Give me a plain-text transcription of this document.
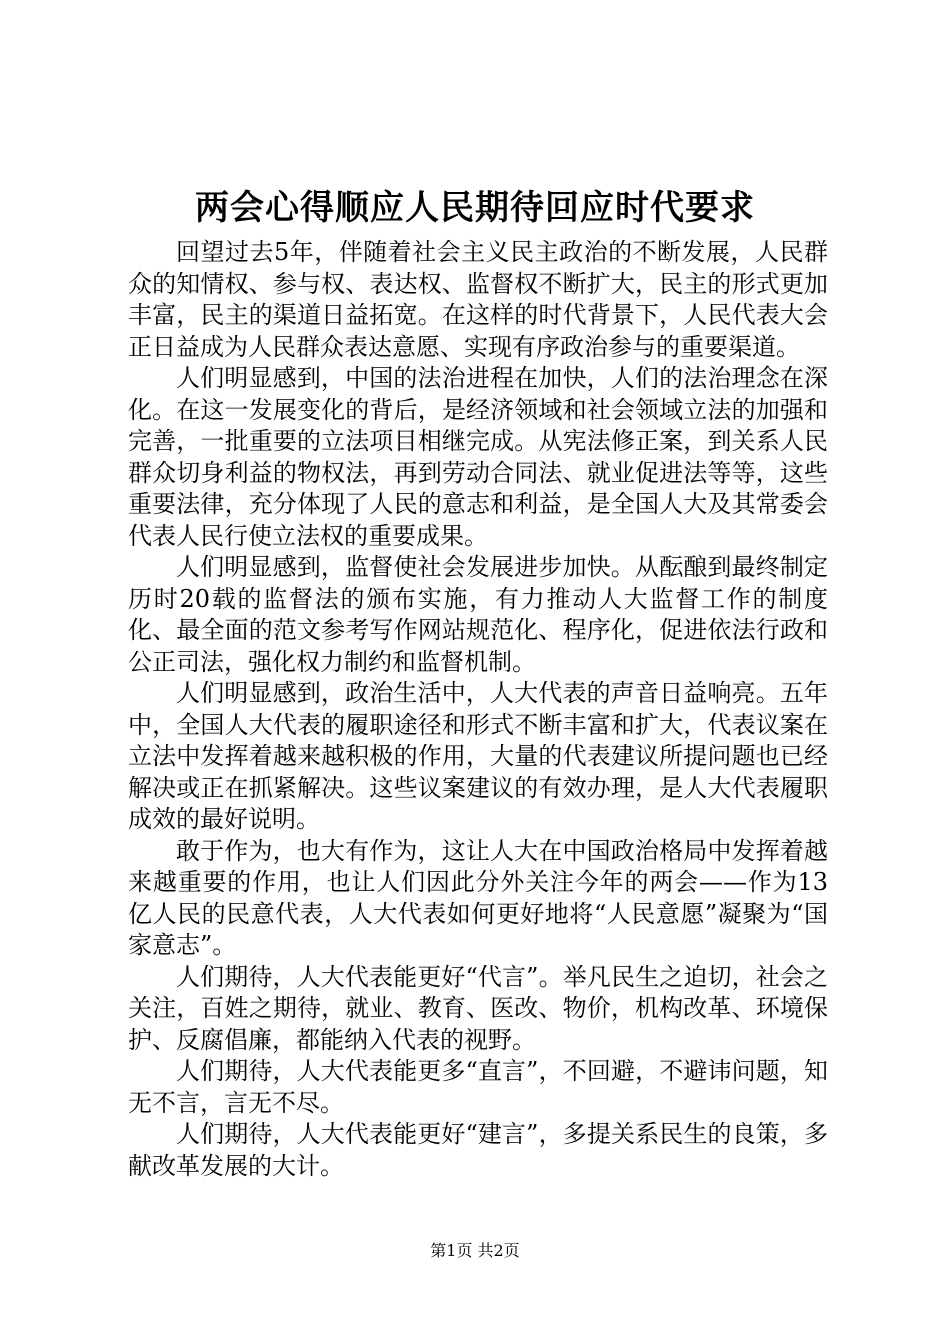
两会心得顺应人民期待回应时代要求

回望过去5年，伴随着社会主义民主政治的不断发展，人民群众的知情权、参与权、表达权、监督权不断扩大，民主的形式更加丰富，民主的渠道日益拓宽。在这样的时代背景下，人民代表大会正日益成为人民群众表达意愿、实现有序政治参与的重要渠道。

人们明显感到，中国的法治进程在加快，人们的法治理念在深化。在这一发展变化的背后，是经济领域和社会领域立法的加强和完善，一批重要的立法项目相继完成。从宪法修正案，到关系人民群众切身利益的物权法，再到劳动合同法、就业促进法等等，这些重要法律，充分体现了人民的意志和利益，是全国人大及其常委会代表人民行使立法权的重要成果。

人们明显感到，监督使社会发展进步加快。从酝酿到最终制定历时20载的监督法的颁布实施，有力推动人大监督工作的制度化、最全面的范文参考写作网站规范化、程序化，促进依法行政和公正司法，强化权力制约和监督机制。

人们明显感到，政治生活中，人大代表的声音日益响亮。五年中，全国人大代表的履职途径和形式不断丰富和扩大，代表议案在立法中发挥着越来越积极的作用，大量的代表建议所提问题也已经解决或正在抓紧解决。这些议案建议的有效办理，是人大代表履职成效的最好说明。

敢于作为，也大有作为，这让人大在中国政治格局中发挥着越来越重要的作用，也让人们因此分外关注今年的两会——作为13亿人民的民意代表，人大代表如何更好地将“人民意愿”凝聚为“国家意志”。

人们期待，人大代表能更好“代言”。举凡民生之迫切，社会之关注，百姓之期待，就业、教育、医改、物价，机构改革、环境保护、反腐倡廉，都能纳入代表的视野。

人们期待，人大代表能更多“直言”，不回避，不避讳问题，知无不言，言无不尽。

人们期待，人大代表能更好“建言”，多提关系民生的良策，多献改革发展的大计。

第1页 共2页
